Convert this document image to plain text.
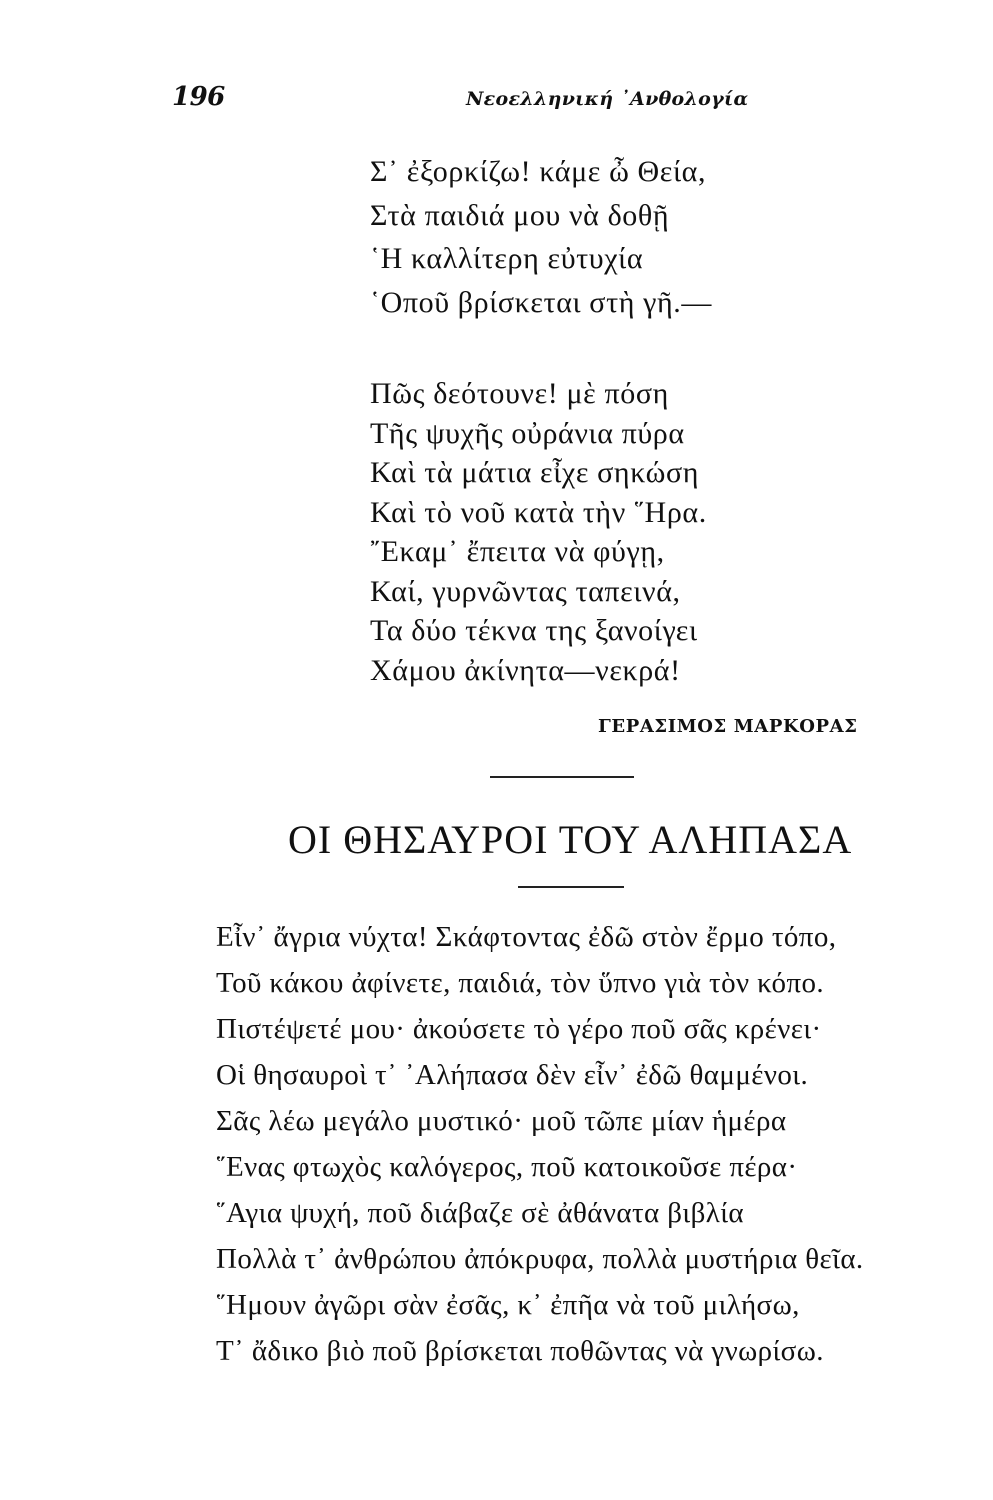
196	Νεοελληνική ᾿Ανθολογία
Σ᾿ ἐξορκίζω! κάμε ὦ Θεία,
Στὰ παιδιά μου νὰ δοθῇ
῾Η καλλίτερη εὐτυχία
῾Οποῦ βρίσκεται στὴ γῆ.—
Πῶς δεότουνε! μὲ πόση
Τῆς ψυχῆς οὐράνια πύρα
Καὶ τὰ μάτια εἶχε σηκώση
Καὶ τὸ νοῦ κατὰ τὴν ῞Ηρα.
῎Εκαμ᾿ ἔπειτα νὰ φύγῃ,
Καί, γυρνῶντας ταπεινά,
Τα δύο τέκνα της ξανοίγει
Χάμου ἀκίνητα—νεκρά!
ΓΕΡΑΣΙΜΟΣ ΜΑΡΚΟΡΑΣ
ΟΙ ΘΗΣΑΥΡΟΙ ΤΟΥ ΑΛΗΠΑΣΑ
Εἶν᾿ ἄγρια νύχτα! Σκάφτοντας ἐδῶ στὸν ἔρμο τόπο,
Τοῦ κάκου ἀφίνετε, παιδιά, τὸν ὕπνο γιὰ τὸν κόπο.
Πιστέψετέ μου· ἀκούσετε τὸ γέρο ποῦ σᾶς κρένει·
Οἱ θησαυροὶ τ᾿ ᾿Αλήπασα δὲν εἶν᾿ ἐδῶ θαμμένοι.
Σᾶς λέω μεγάλο μυστικό· μοῦ τῶπε μίαν ἡμέρα
῞Ενας φτωχὸς καλόγερος, ποῦ κατοικοῦσε πέρα·
῞Αγια ψυχή, ποῦ διάβαζε σὲ ἀθάνατα βιβλία
Πολλὰ τ᾿ ἀνθρώπου ἀπόκρυφα, πολλὰ μυστήρια θεῖα.
῞Ημουν ἀγῶρι σὰν ἐσᾶς, κ᾿ ἐπῆα νὰ τοῦ μιλήσω,
Τ᾿ ἄδικο βιὸ ποῦ βρίσκεται ποθῶντας νὰ γνωρίσω.
